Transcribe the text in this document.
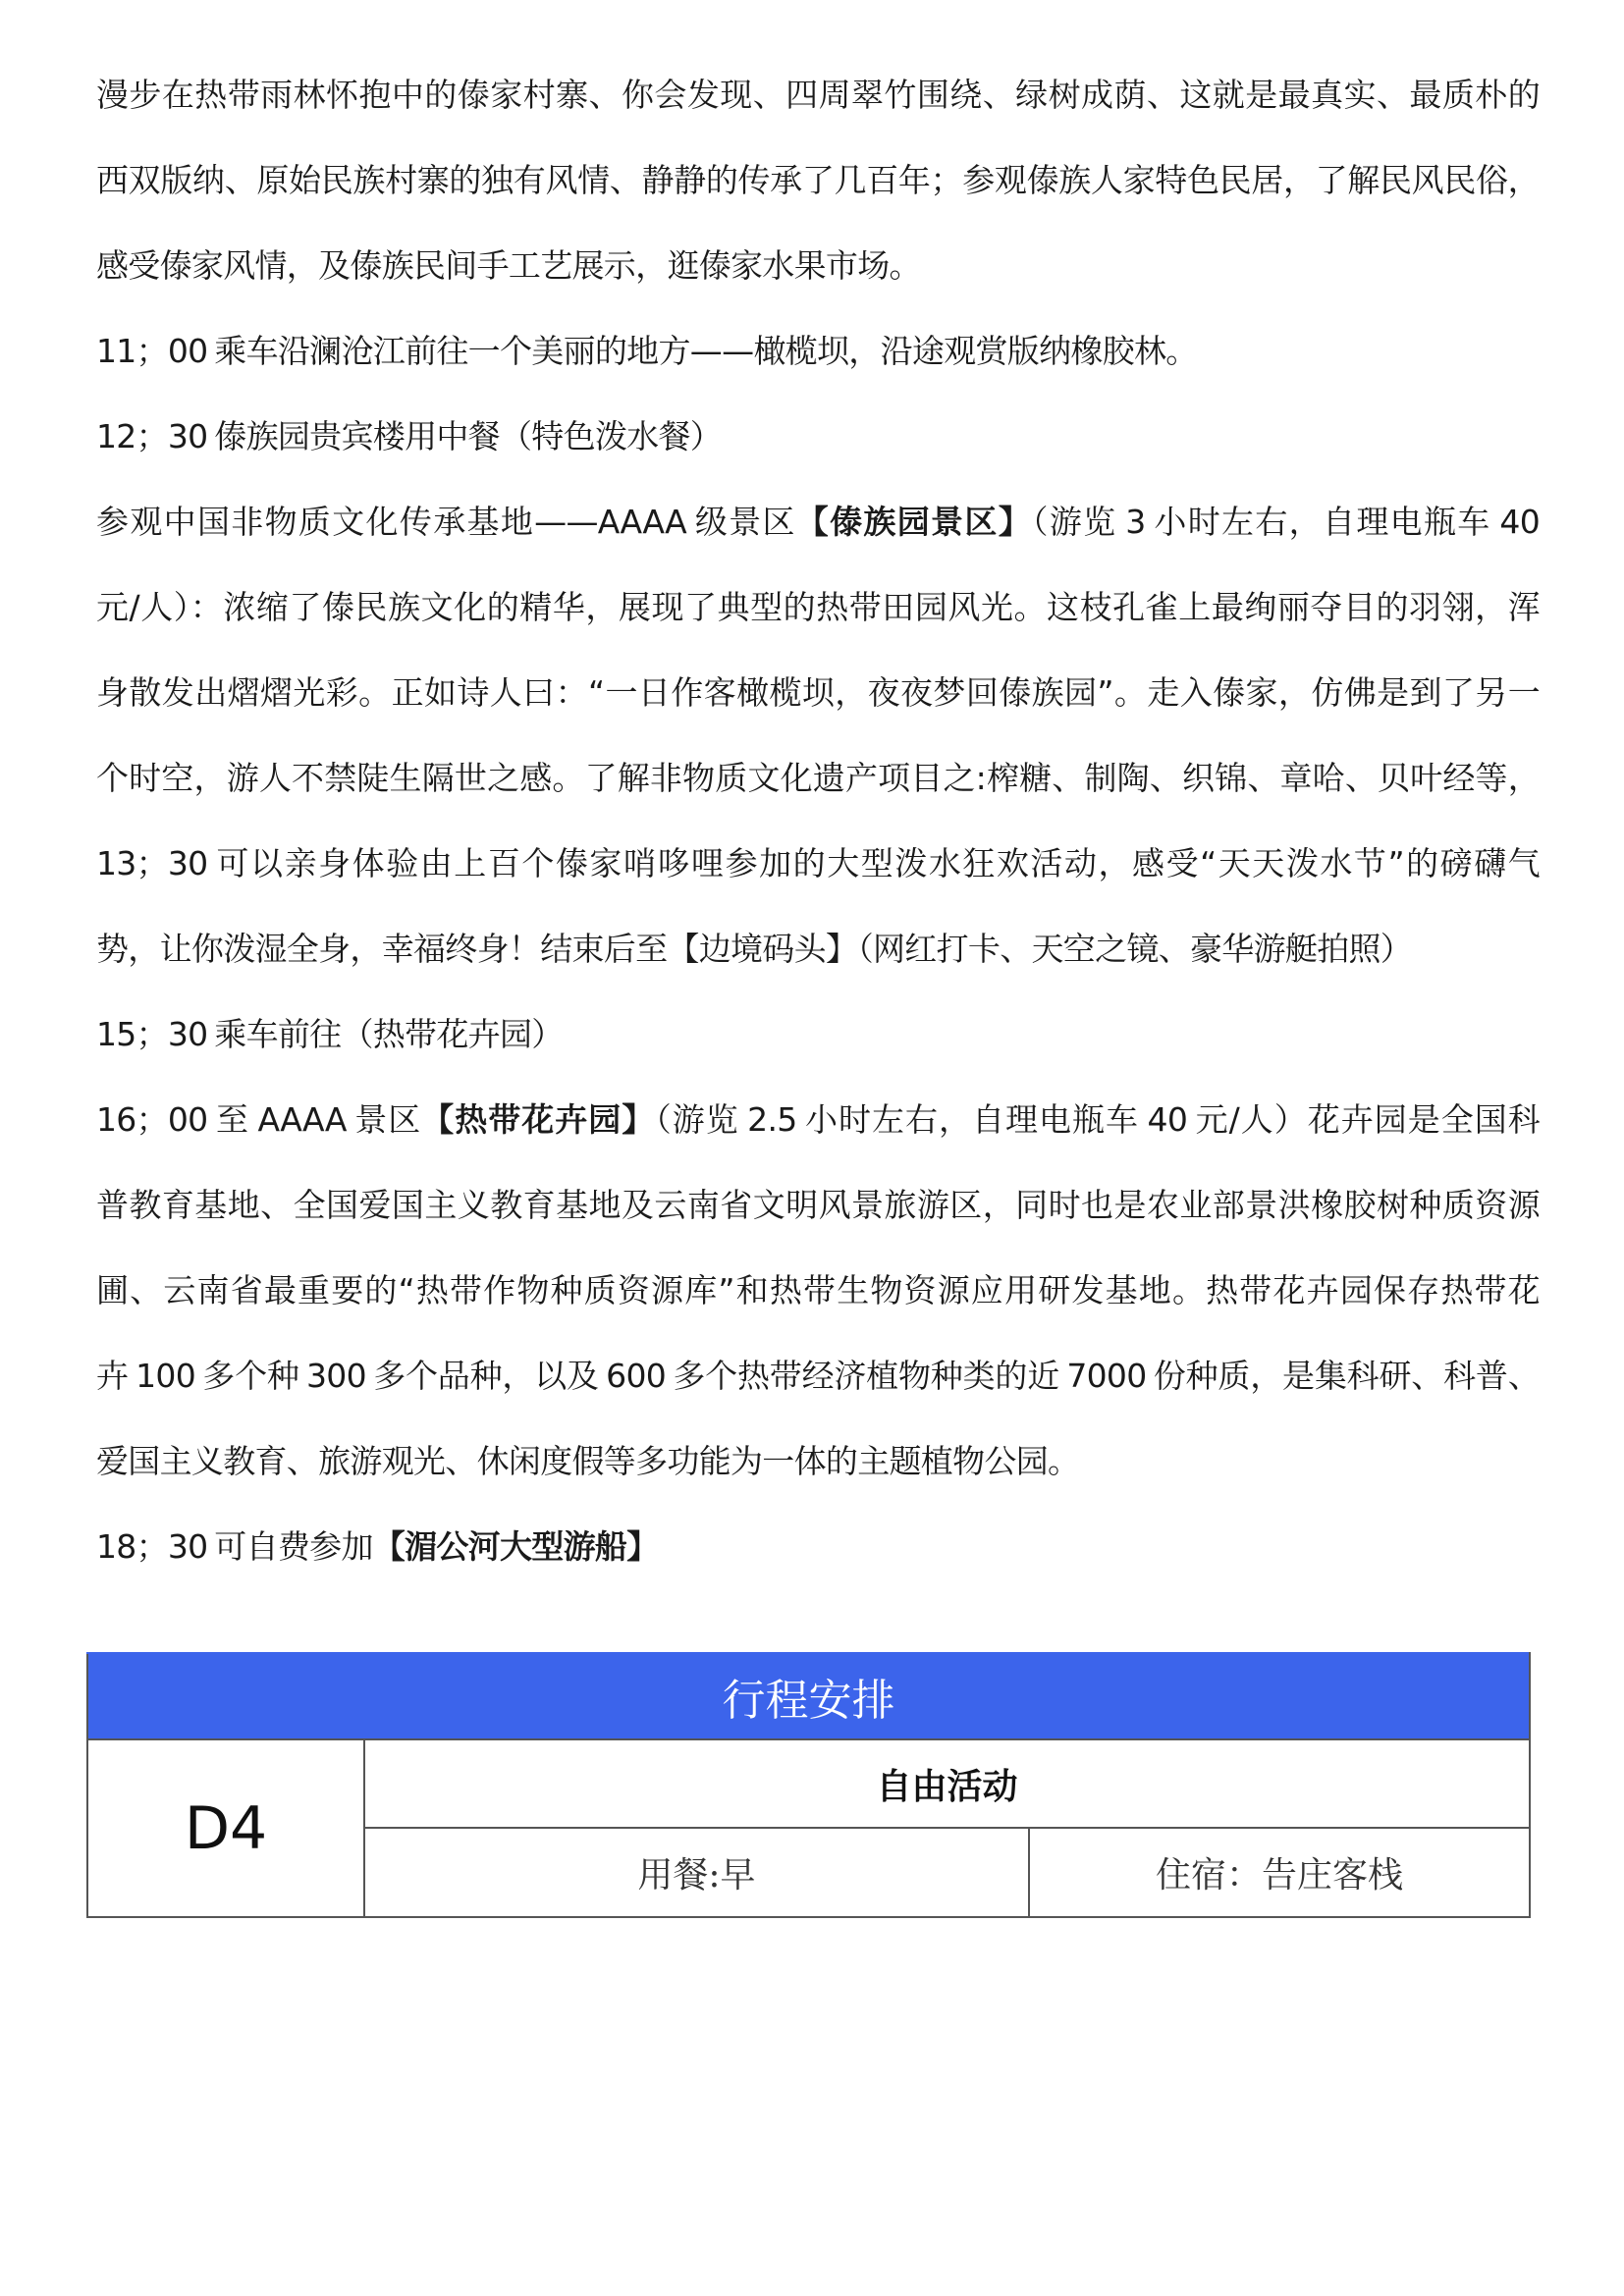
漫步在热带雨林怀抱中的傣家村寨、你会发现、四周翠竹围绕、绿树成荫、这就是最真实、最质朴的
西双版纳、原始民族村寨的独有风情、静静的传承了几百年；参观傣族人家特色民居，了解民风民俗，
感受傣家风情，及傣族民间手工艺展示，逛傣家水果市场。

11；00 乘车沿澜沧江前往一个美丽的地方——橄榄坝，沿途观赏版纳橡胶林。

12；30 傣族园贵宾楼用中餐（特色泼水餐）

参观中国非物质文化传承基地——AAAA 级景区【傣族园景区】（游览 3 小时左右，自理电瓶车 40
元/人）：浓缩了傣民族文化的精华，展现了典型的热带田园风光。这枝孔雀上最绚丽夺目的羽翎，浑
身散发出熠熠光彩。正如诗人曰：“一日作客橄榄坝，夜夜梦回傣族园”。走入傣家，仿佛是到了另一
个时空，游人不禁陡生隔世之感。了解非物质文化遗产项目之:榨糖、制陶、织锦、章哈、贝叶经等，
13；30 可以亲身体验由上百个傣家哨哆哩参加的大型泼水狂欢活动，感受“天天泼水节”的磅礴气
势，让你泼湿全身，幸福终身！结束后至【边境码头】（网红打卡、天空之镜、豪华游艇拍照）

15；30 乘车前往（热带花卉园）

16；00 至 AAAA 景区【热带花卉园】（游览 2.5 小时左右，自理电瓶车 40 元/人）花卉园是全国科
普教育基地、全国爱国主义教育基地及云南省文明风景旅游区，同时也是农业部景洪橡胶树种质资源
圃、云南省最重要的“热带作物种质资源库”和热带生物资源应用研发基地。热带花卉园保存热带花
卉 100 多个种 300 多个品种，以及 600 多个热带经济植物种类的近 7000 份种质，是集科研、科普、
爱国主义教育、旅游观光、休闲度假等多功能为一体的主题植物公园。

18；30 可自费参加【湄公河大型游船】

行程安排		
D4	自由活动	
	用餐:早	住宿：告庄客栈
